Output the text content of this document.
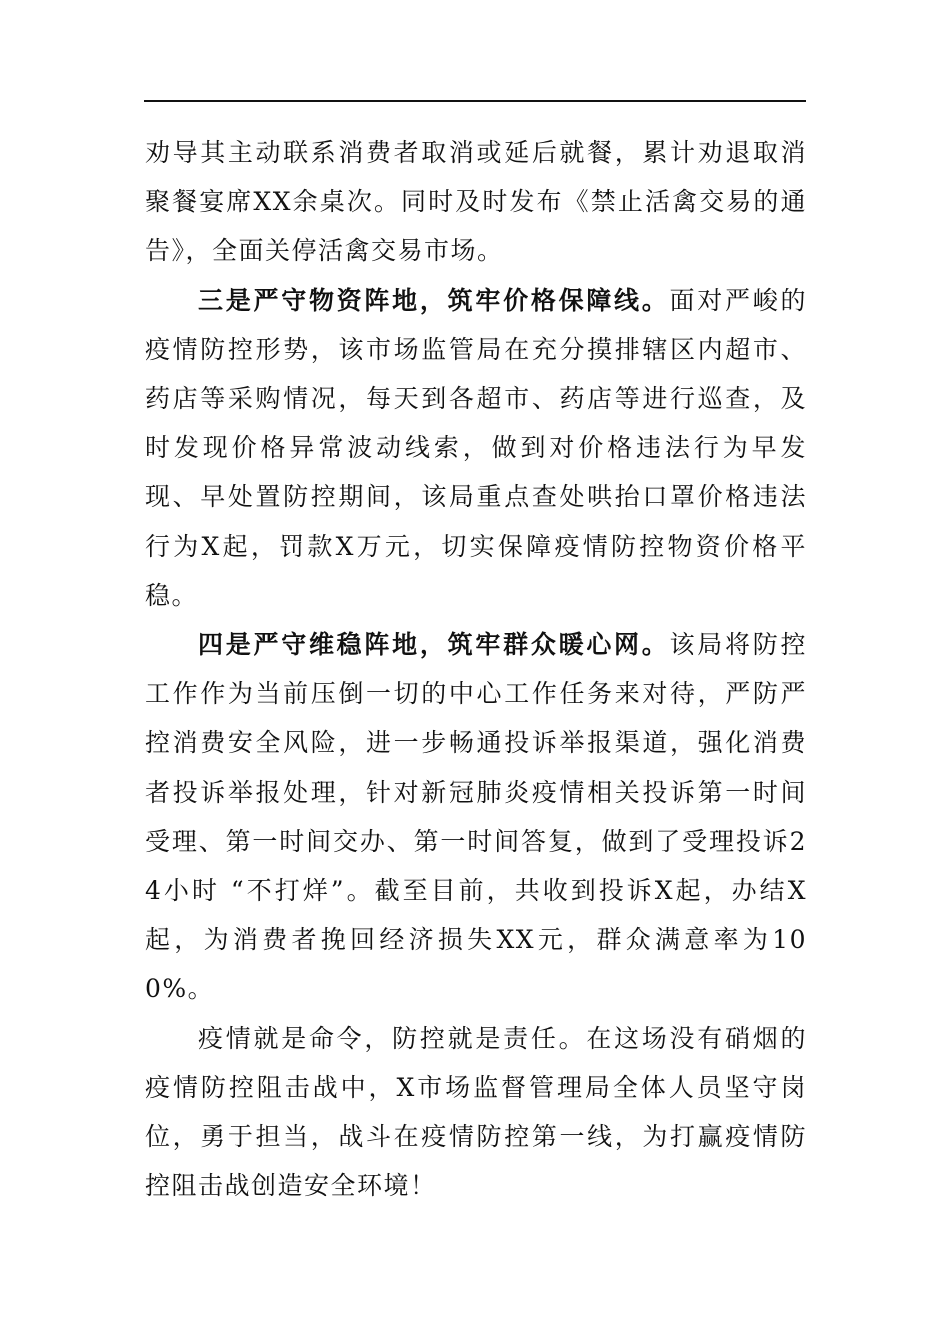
劝导其主动联系消费者取消或延后就餐，累计劝退取消聚餐宴席XX余桌次。同时及时发布《禁止活禽交易的通告》，全面关停活禽交易市场。

三是严守物资阵地，筑牢价格保障线。面对严峻的疫情防控形势，该市场监管局在充分摸排辖区内超市、药店等采购情况，每天到各超市、药店等进行巡查，及时发现价格异常波动线索，做到对价格违法行为早发现、早处置防控期间，该局重点查处哄抬口罩价格违法行为X起，罚款X万元，切实保障疫情防控物资价格平稳。

四是严守维稳阵地，筑牢群众暖心网。该局将防控工作作为当前压倒一切的中心工作任务来对待，严防严控消费安全风险，进一步畅通投诉举报渠道，强化消费者投诉举报处理，针对新冠肺炎疫情相关投诉第一时间受理、第一时间交办、第一时间答复，做到了受理投诉24小时 “不打烊”。截至目前，共收到投诉X起，办结X起，为消费者挽回经济损失XX元，群众满意率为100%。

疫情就是命令，防控就是责任。在这场没有硝烟的疫情防控阻击战中，X市场监督管理局全体人员坚守岗位，勇于担当，战斗在疫情防控第一线，为打赢疫情防控阻击战创造安全环境！
